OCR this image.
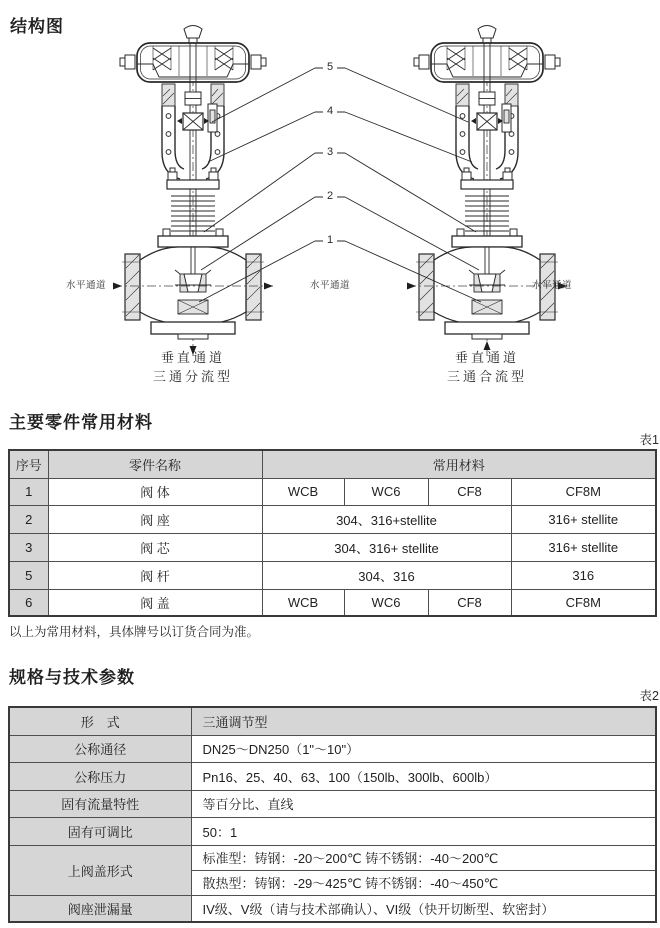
结构图
5
4
3
2
1
水平通道	水平通道	水平通道
垂直通道
三通分流型
垂直通道
三通合流型
主要零件常用材料
表1
序号	零件名称	常用材料			
1	阀 体	WCB	WC6	CF8	CF8M
2	阀 座	304、316+stellite			316+ stellite
3	阀 芯	304、316+ stellite			316+ stellite
5	阀 杆	304、316			316
6	阀 盖	WCB	WC6	CF8	CF8M
以上为常用材料，具体牌号以订货合同为准。
规格与技术参数
表2
形　式	三通调节型
公称通径	DN25～DN250（1"～10"）
公称压力	Pn16、25、40、63、100（150lb、300lb、600lb）
固有流量特性	等百分比、直线
固有可调比	50：1
上阀盖形式	标准型：铸钢：-20～200℃ 铸不锈钢：-40～200℃
	散热型：铸钢：-29～425℃ 铸不锈钢：-40～450℃
阀座泄漏量	IV级、V级（请与技术部确认）、VI级（快开切断型、软密封）
